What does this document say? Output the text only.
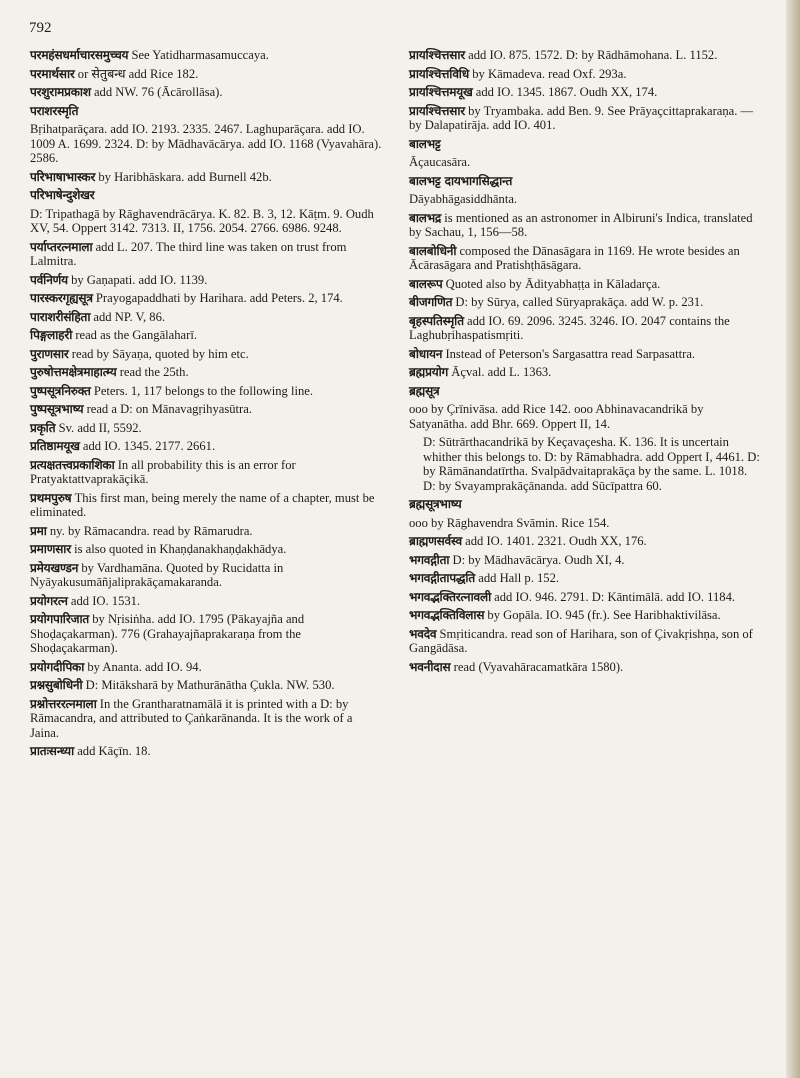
792
परमहंसधर्माचारसमुच्चय See Yatidharmasamuccaya.
परमार्थसार or सेतुबन्ध add Rice 182.
परशुरामप्रकाश add NW. 76 (Ācārollāsa).
पराशरस्मृति
Bṛihatparāçara. add IO. 2193. 2335. 2467. Laghuparāçara. add IO. 1009 A. 1699. 2324. D: by Mādhavācārya. add IO. 1168 (Vyavahāra). 2586.
परिभाषाभास्कर by Haribhāskara. add Burnell 42b.
परिभाषेन्दुशेखर
D: Tripathagā by Rāghavendrācārya. K. 82. B. 3, 12. Kāṭm. 9. Oudh XV, 54. Oppert 3142. 7313. II, 1756. 2054. 2766. 6986. 9248.
पर्याप्तरत्नमाला add L. 207. The third line was taken on trust from Lalmitra.
पर्वनिर्णय by Gaṇapati. add IO. 1139.
पारस्करगृह्यसूत्र Prayogapaddhati by Harihara. add Peters. 2, 174.
पाराशरीसंहिता add NP. V, 86.
पिङ्गलाहरी read as the Gangālaharī.
पुराणसार read by Sāyaṇa, quoted by him etc.
पुरुषोत्तमक्षेत्रमाहात्म्य read the 25th.
पुष्पसूत्रनिरुक्त Peters. 1, 117 belongs to the following line.
पुष्पसूत्रभाष्य read a D: on Mānavagṛihyasūtra.
प्रकृति Sv. add II, 5592.
प्रतिष्ठामयूख add IO. 1345. 2177. 2661.
प्रत्यक्षतत्त्वप्रकाशिका In all probability this is an error for Pratyaktattvaprakāçikā.
प्रथमपुरुष This first man, being merely the name of a chapter, must be eliminated.
प्रमा ny. by Rāmacandra. read by Rāmarudra.
प्रमाणसार is also quoted in Khaṇḍanakhaṇḍakhādya.
प्रमेयखण्डन by Vardhamāna. Quoted by Rucidatta in Nyāyakusumāñjaliprakāçamakaranda.
प्रयोगरत्न add IO. 1531.
प्रयोगपारिजात by Nṛisiṅha. add IO. 1795 (Pākayajña and Shoḍaçakarman). 776 (Grahayajñaprakaraṇa from the Shoḍaçakarman).
प्रयोगदीपिका by Ananta. add IO. 94.
प्रश्नसुबोधिनी D: Mitāksharā by Mathurānātha Çukla. NW. 530.
प्रश्नोत्तररत्नमाला In the Grantharatnamālā it is printed with a D: by Rāmacandra, and attributed to Çaṅkarānanda. It is the work of a Jaina.
प्रातःसन्ध्या add Kāçīn. 18.
प्रायश्चित्तसार add IO. 875. 1572. D: by Rādhāmohana. L. 1152.
प्रायश्चित्तविधि by Kāmadeva. read Oxf. 293a.
प्रायश्चित्तमयूख add IO. 1345. 1867. Oudh XX, 174.
प्रायश्चित्तसार by Tryambaka. add Ben. 9. See Prāyaçcittaprakaraṇa. — by Dalapatirāja. add IO. 401.
बालभट्ट
Āçaucasāra.
बालभट्ट दायभागसिद्धान्त
Dāyabhāgasiddhānta.
बालभद्र is mentioned as an astronomer in Albiruni's Indica, translated by Sachau, 1, 156—58.
बालबोधिनी composed the Dānasāgara in 1169. He wrote besides an Ācārasāgara and Pratishṭhāsāgara.
बालरूप Quoted also by Ādityabhaṭṭa in Kāladarça.
बीजगणित D: by Sūrya, called Sūryaprakāça. add W. p. 231.
बृहस्पतिस्मृति add IO. 69. 2096. 3245. 3246. IO. 2047 contains the Laghubṛihaspatismṛiti.
बोधायन Instead of Peterson's Sargasattra read Sarpasattra.
ब्रह्मप्रयोग Āçval. add L. 1363.
ब्रह्मसूत्र
ooo by Çrīnivāsa. add Rice 142. ooo Abhinavacandrikā by Satyanātha. add Bhr. 669. Oppert II, 14.
D: Sūtrārthacandrikā by Keçavaçesha. K. 136. It is uncertain whither this belongs to. D: by Rāmabhadra. add Oppert I, 4461. D: by Rāmānandatīrtha. Svalpādvaitaprakāça by the same. L. 1018. D: by Svayamprakāçānanda. add Sūcīpattra 60.
ब्रह्मसूत्रभाष्य
ooo by Rāghavendra Svāmin. Rice 154.
ब्राह्मणसर्वस्व add IO. 1401. 2321. Oudh XX, 176.
भगवद्गीता D: by Mādhavācārya. Oudh XI, 4.
भगवद्गीतापद्धति add Hall p. 152.
भगवद्भक्तिरत्नावली add IO. 946. 2791. D: Kāntimālā. add IO. 1184.
भगवद्भक्तिविलास by Gopāla. IO. 945 (fr.). See Haribhaktivilāsa.
भवदेव Smṛiticandra. read son of Harihara, son of Çivakṛishṇa, son of Gangādāsa.
भवनीदास read (Vyavahāracamatkāra 1580).
